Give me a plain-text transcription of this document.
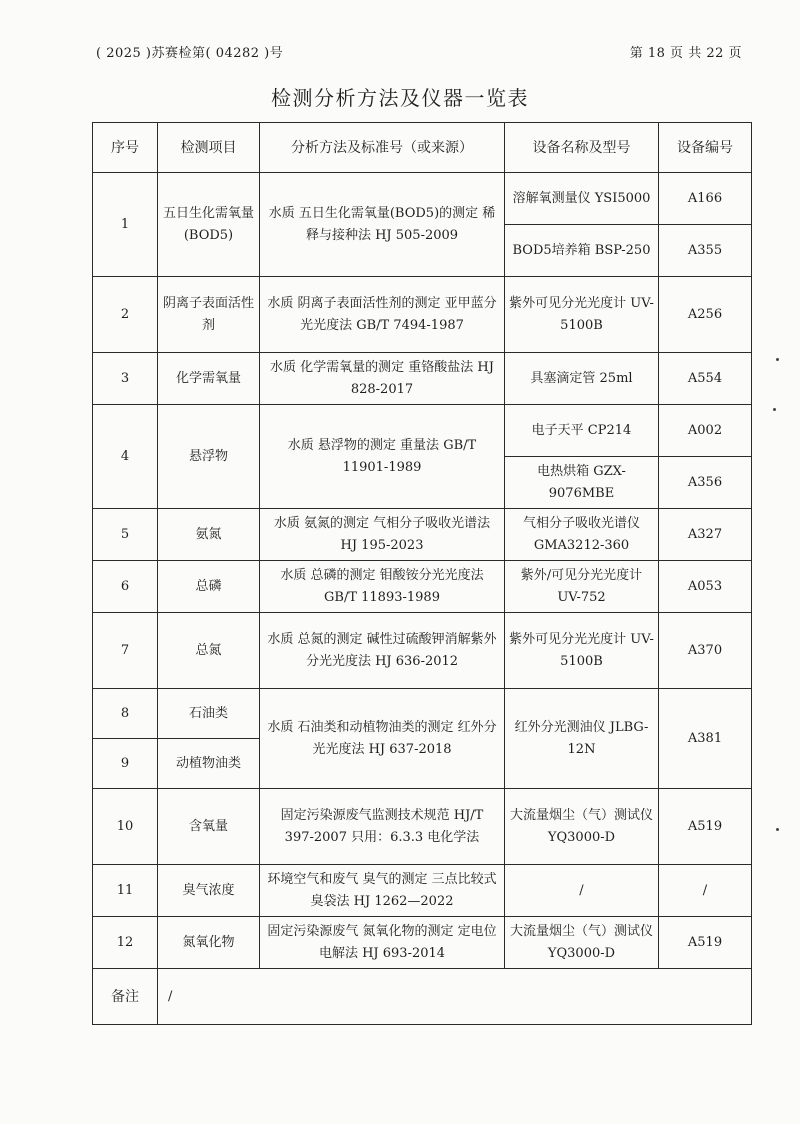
( 2025 )苏赛检第( 04282 )号	第 18 页 共 22 页
检测分析方法及仪器一览表
序号	检测项目	分析方法及标准号（或来源）	设备名称及型号	设备编号
1	五日生化需氧量(BOD5)	水质 五日生化需氧量(BOD5)的测定 稀释与接种法 HJ 505-2009	溶解氧测量仪 YSI5000	A166
			BOD5培养箱 BSP-250	A355
2	阴离子表面活性剂	水质 阴离子表面活性剂的测定 亚甲蓝分光光度法 GB/T 7494-1987	紫外可见分光光度计 UV-5100B	A256
3	化学需氧量	水质 化学需氧量的测定 重铬酸盐法 HJ 828-2017	具塞滴定管 25ml	A554
4	悬浮物	水质 悬浮物的测定 重量法 GB/T 11901-1989	电子天平 CP214	A002
			电热烘箱 GZX-9076MBE	A356
5	氨氮	水质 氨氮的测定 气相分子吸收光谱法 HJ 195-2023	气相分子吸收光谱仪 GMA3212-360	A327
6	总磷	水质 总磷的测定 钼酸铵分光光度法 GB/T 11893-1989	紫外/可见分光光度计 UV-752	A053
7	总氮	水质 总氮的测定 碱性过硫酸钾消解紫外分光光度法 HJ 636-2012	紫外可见分光光度计 UV-5100B	A370
8	石油类	水质 石油类和动植物油类的测定 红外分光光度法 HJ 637-2018	红外分光测油仪 JLBG-12N	A381
9	动植物油类			
10	含氧量	固定污染源废气监测技术规范 HJ/T 397-2007 只用：6.3.3 电化学法	大流量烟尘（气）测试仪 YQ3000-D	A519
11	臭气浓度	环境空气和废气 臭气的测定 三点比较式臭袋法 HJ 1262—2022	/	/
12	氮氧化物	固定污染源废气 氮氧化物的测定 定电位电解法 HJ 693-2014	大流量烟尘（气）测试仪 YQ3000-D	A519
备注	/			
